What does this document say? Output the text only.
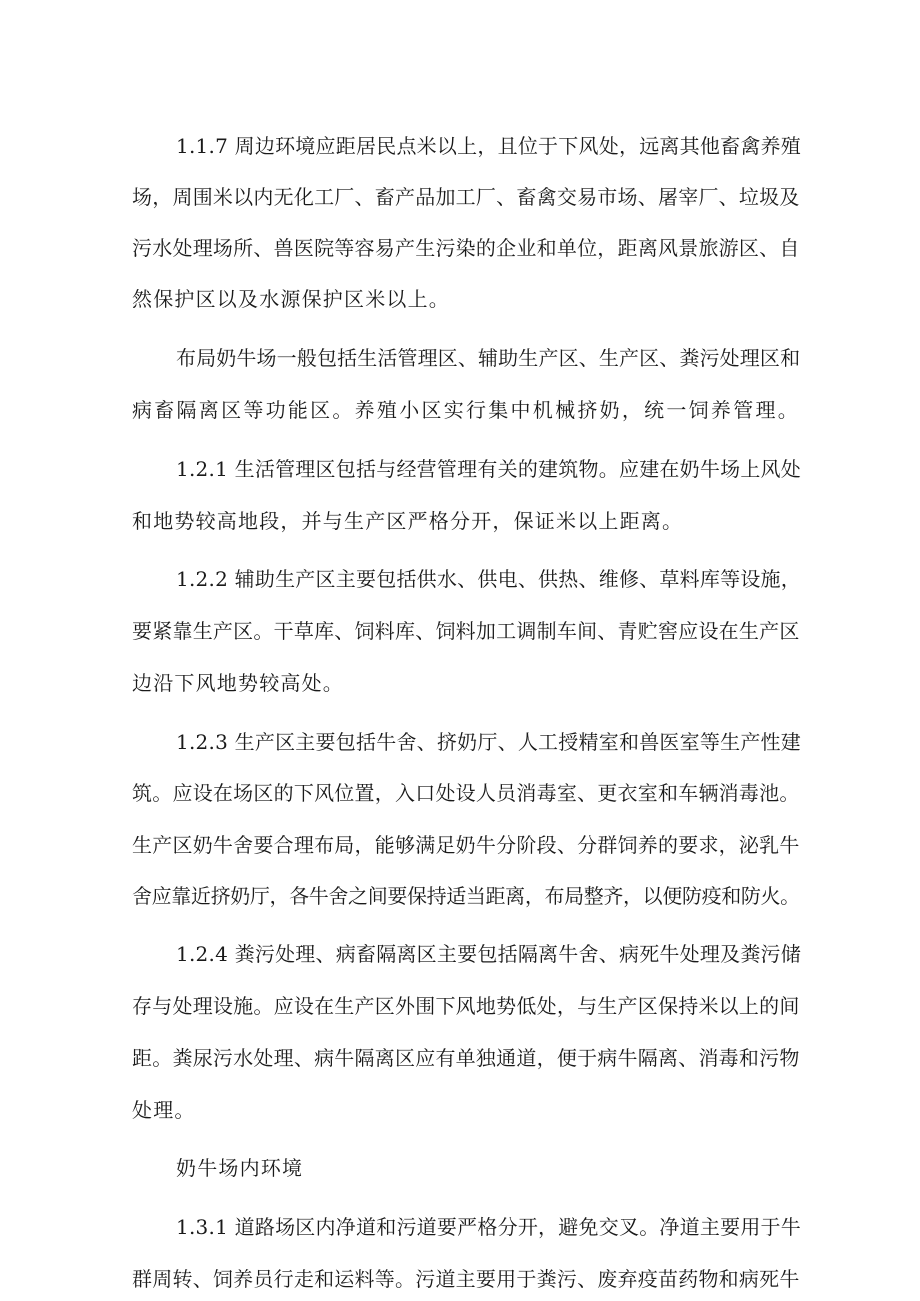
1.1.7 周边环境应距居民点米以上，且位于下风处，远离其他畜禽养殖
场，周围米以内无化工厂、畜产品加工厂、畜禽交易市场、屠宰厂、垃圾及
污水处理场所、兽医院等容易产生污染的企业和单位，距离风景旅游区、自
然保护区以及水源保护区米以上。
布局奶牛场一般包括生活管理区、辅助生产区、生产区、粪污处理区和
病畜隔离区等功能区。养殖小区实行集中机械挤奶，统一饲养管理。
1.2.1 生活管理区包括与经营管理有关的建筑物。应建在奶牛场上风处
和地势较高地段，并与生产区严格分开，保证米以上距离。
1.2.2 辅助生产区主要包括供水、供电、供热、维修、草料库等设施，
要紧靠生产区。干草库、饲料库、饲料加工调制车间、青贮窖应设在生产区
边沿下风地势较高处。
1.2.3 生产区主要包括牛舍、挤奶厅、人工授精室和兽医室等生产性建
筑。应设在场区的下风位置，入口处设人员消毒室、更衣室和车辆消毒池。
生产区奶牛舍要合理布局，能够满足奶牛分阶段、分群饲养的要求，泌乳牛
舍应靠近挤奶厅，各牛舍之间要保持适当距离，布局整齐，以便防疫和防火。
1.2.4 粪污处理、病畜隔离区主要包括隔离牛舍、病死牛处理及粪污储
存与处理设施。应设在生产区外围下风地势低处，与生产区保持米以上的间
距。粪尿污水处理、病牛隔离区应有单独通道，便于病牛隔离、消毒和污物
处理。
奶牛场内环境
1.3.1 道路场区内净道和污道要严格分开，避免交叉。净道主要用于牛
群周转、饲养员行走和运料等。污道主要用于粪污、废弃疫苗药物和病死牛
